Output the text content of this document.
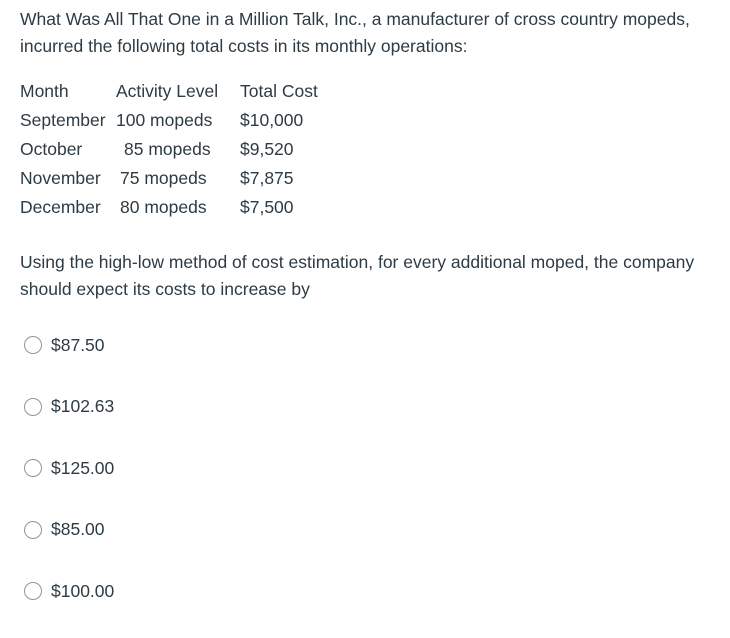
What Was All That One in a Million Talk, Inc., a manufacturer of cross country mopeds, incurred the following total costs in its monthly operations:

Month	Activity Level	Total Cost
September	100 mopeds	$10,000
October	85 mopeds	$9,520
November	75 mopeds	$7,875
December	80 mopeds	$7,500

Using the high-low method of cost estimation, for every additional moped, the company should expect its costs to increase by

$87.50
$102.63
$125.00
$85.00
$100.00
